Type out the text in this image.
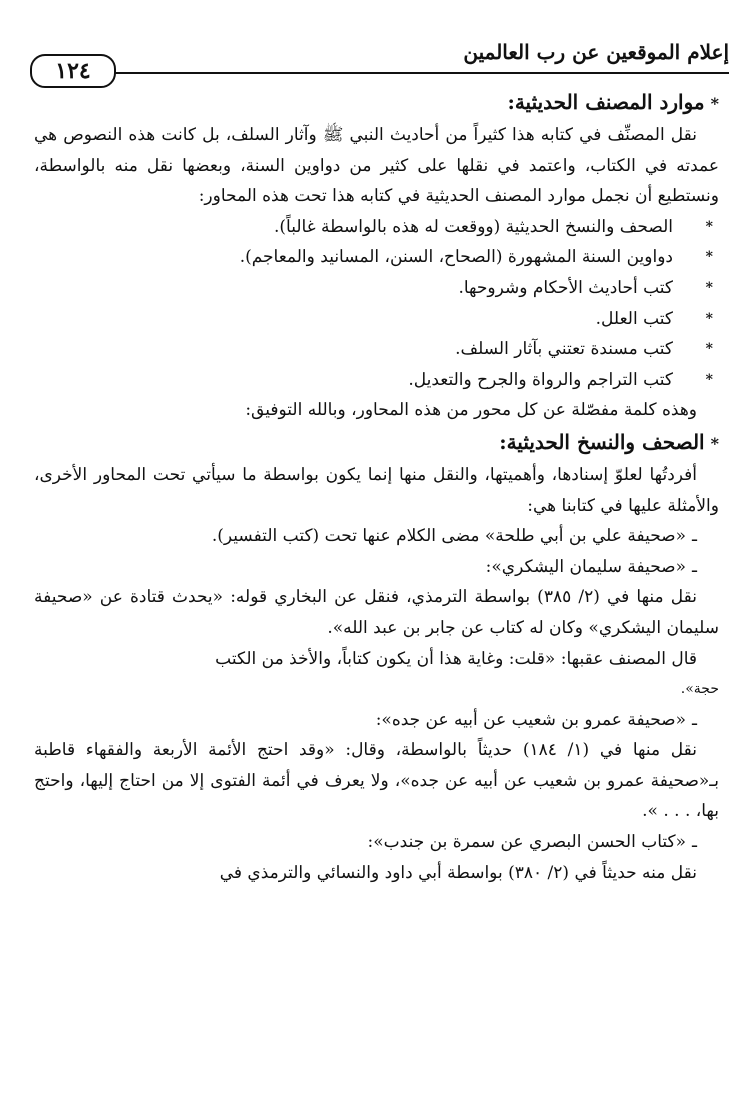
إعلام الموقعين عن رب العالمين
١٢٤

*موارد المصنف الحديثية:

نقل المصنِّف في كتابه هذا كثيراً من أحاديث النبي ﷺ وآثار السلف، بل كانت هذه النصوص هي عمدته في الكتاب، واعتمد في نقلها على كثير من دواوين السنة، وبعضها نقل منه بالواسطة، ونستطيع أن نجمل موارد المصنف الحديثية في كتابه هذا تحت هذه المحاور:

*
الصحف والنسخ الحديثية (ووقعت له هذه بالواسطة غالباً).
*
دواوين السنة المشهورة (الصحاح، السنن، المسانيد والمعاجم).
*
كتب أحاديث الأحكام وشروحها.
*
كتب العلل.
*
كتب مسندة تعتني بآثار السلف.
*
كتب التراجم والرواة والجرح والتعديل.

وهذه كلمة مفصّلة عن كل محور من هذه المحاور، وبالله التوفيق:

*الصحف والنسخ الحديثية:

أفردتُها لعلوّ إسنادها، وأهميتها، والنقل منها إنما يكون بواسطة ما سيأتي تحت المحاور الأخرى، والأمثلة عليها في كتابنا هي:

ـ«صحيفة علي بن أبي طلحة» مضى الكلام عنها تحت (كتب التفسير).

ـ«صحيفة سليمان اليشكري»:

نقل منها في (٢/ ٣٨٥) بواسطة الترمذي، فنقل عن البخاري قوله: «يحدث قتادة عن «صحيفة سليمان اليشكري» وكان له كتاب عن جابر بن عبد الله».

قال المصنف عقبها: «قلت: وغاية هذا أن يكون كتاباً، والأخذ من الكتب

حجة».

ـ«صحيفة عمرو بن شعيب عن أبيه عن جده»:

نقل منها في (١/ ١٨٤) حديثاً بالواسطة، وقال: «وقد احتج الأئمة الأربعة والفقهاء قاطبة بـ«صحيفة عمرو بن شعيب عن أبيه عن جده»، ولا يعرف في أئمة الفتوى إلا من احتاج إليها، واحتج بها، . . . ».

ـ«كتاب الحسن البصري عن سمرة بن جندب»:

نقل منه حديثاً في (٢/ ٣٨٠) بواسطة أبي داود والنسائي والترمذي في
